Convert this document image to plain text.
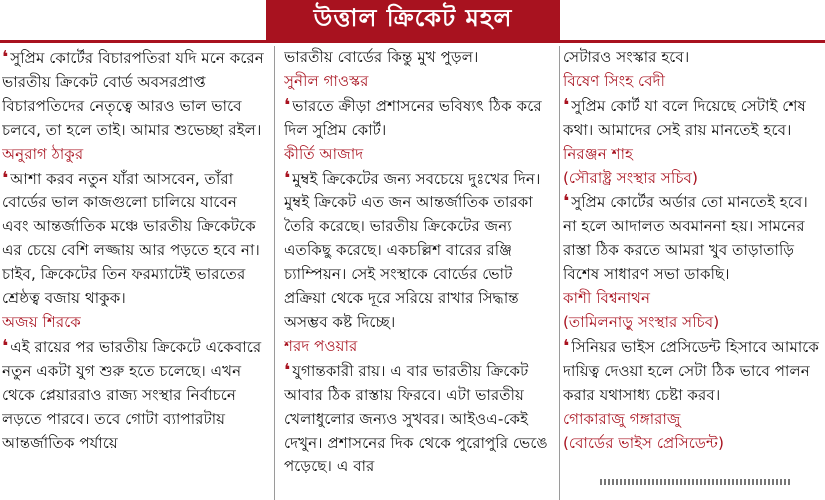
উত্তাল ক্রিকেট মহল

❛ সুপ্রিম কোর্টের বিচারপতিরা যদি মনে করেন ভারতীয় ক্রিকেট বোর্ড অবসরপ্রাপ্ত বিচারপতিদের নেতৃত্বে আরও ভাল ভাবে চলবে, তা হলে তাই। আমার শুভেচ্ছা রইল।

অনুরাগ ঠাকুর

❛ আশা করব নতুন যাঁরা আসবেন, তাঁরা বোর্ডের ভাল কাজগুলো চালিয়ে যাবেন এবং আন্তর্জাতিক মঞ্চে ভারতীয় ক্রিকেটকে এর চেয়ে বেশি লজ্জায় আর পড়তে হবে না। চাইব, ক্রিকেটের তিন ফরম্যাটেই ভারতের শ্রেষ্ঠত্ব বজায় থাকুক।

অজয় শিরকে

❛ এই রায়ের পর ভারতীয় ক্রিকেটে একেবারে নতুন একটা যুগ শুরু হতে চলেছে। এখন থেকে প্লেয়াররাও রাজ্য সংস্থার নির্বাচনে লড়তে পারবে। তবে গোটা ব্যাপারটায় আন্তর্জাতিক পর্যায়ে

ভারতীয় বোর্ডের কিন্তু মুখ পুড়ল।

সুনীল গাওস্কর

❛ ভারতে ক্রীড়া প্রশাসনের ভবিষ্যৎ ঠিক করে দিল সুপ্রিম কোর্ট।

কীর্তি আজাদ

❛ মুম্বই ক্রিকেটের জন্য সবচেয়ে দুঃখের দিন। মুম্বই ক্রিকেট এত জন আন্তর্জাতিক তারকা তৈরি করেছে। ভারতীয় ক্রিকেটের জন্য এতকিছু করেছে। একচল্লিশ বারের রঞ্জি চ্যাম্পিয়ন। সেই সংস্থাকে বোর্ডের ভোট প্রক্রিয়া থেকে দূরে সরিয়ে রাখার সিদ্ধান্ত অসম্ভব কষ্ট দিচ্ছে।

শরদ পওয়ার

❛ যুগান্তকারী রায়। এ বার ভারতীয় ক্রিকেট আবার ঠিক রাস্তায় ফিরবে। এটা ভারতীয় খেলাধুলোর জন্যও সুখবর। আইওএ-কেই দেখুন। প্রশাসনের দিক থেকে পুরোপুরি ভেঙে পড়েছে। এ বার

সেটারও সংস্কার হবে।

বিষেণ সিংহ বেদী

❛ সুপ্রিম কোর্ট যা বলে দিয়েছে সেটাই শেষ কথা। আমাদের সেই রায় মানতেই হবে।

নিরঞ্জন শাহ

(সৌরাষ্ট্র সংস্থার সচিব)

❛ সুপ্রিম কোর্টের অর্ডার তো মানতেই হবে। না হলে আদালত অবমাননা হয়। সামনের রাস্তা ঠিক করতে আমরা খুব তাড়াতাড়ি বিশেষ সাধারণ সভা ডাকছি।

কাশী বিশ্বনাথন

(তামিলনাড়ু সংস্থার সচিব)

❛ সিনিয়র ভাইস প্রেসিডেন্ট হিসাবে আমাকে দায়িত্ব দেওয়া হলে সেটা ঠিক ভাবে পালন করার যথাসাধ্য চেষ্টা করব।

গোকারাজু গঙ্গারাজু

(বোর্ডের ভাইস প্রেসিডেন্ট)
